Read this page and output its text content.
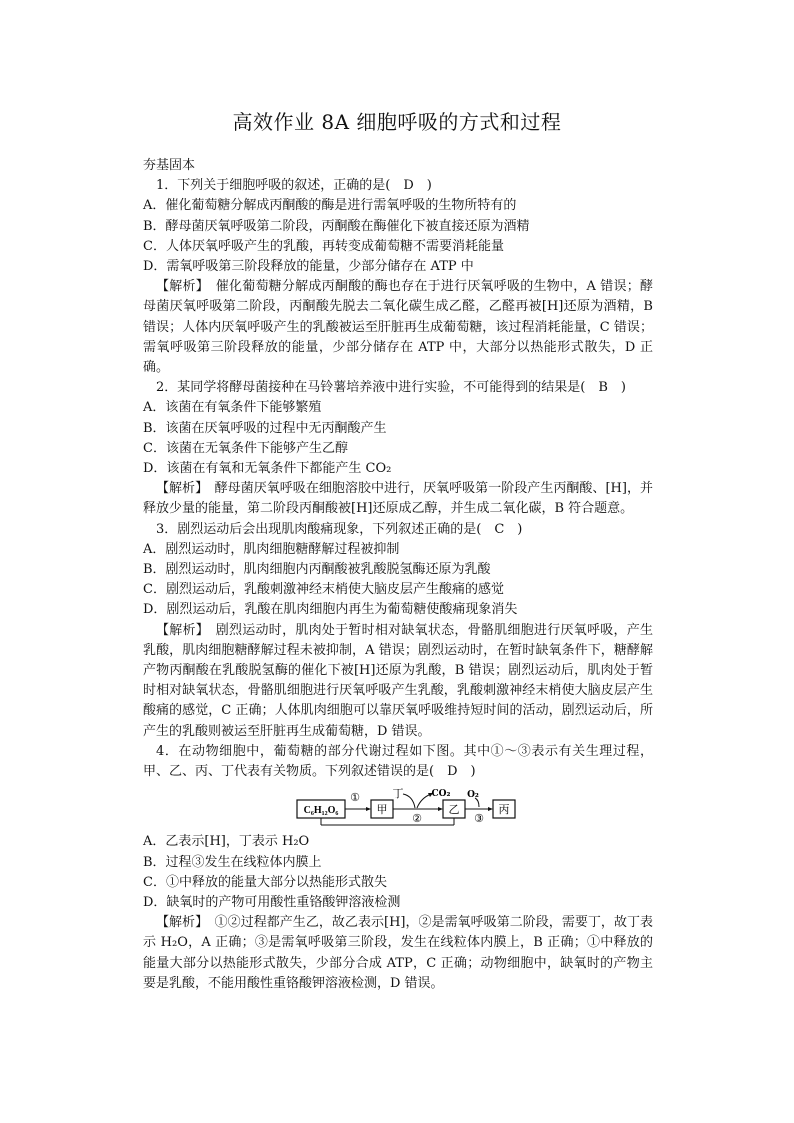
高效作业 8A 细胞呼吸的方式和过程

夯基固本

1．下列关于细胞呼吸的叙述，正确的是(　D　)

A．催化葡萄糖分解成丙酮酸的酶是进行需氧呼吸的生物所特有的

B．酵母菌厌氧呼吸第二阶段，丙酮酸在酶催化下被直接还原为酒精

C．人体厌氧呼吸产生的乳酸，再转变成葡萄糖不需要消耗能量

D．需氧呼吸第三阶段释放的能量，少部分储存在 ATP 中

【解析】　催化葡萄糖分解成丙酮酸的酶也存在于进行厌氧呼吸的生物中，A 错误；酵母菌厌氧呼吸第二阶段，丙酮酸先脱去二氧化碳生成乙醛，乙醛再被[H]还原为酒精，B 错误；人体内厌氧呼吸产生的乳酸被运至肝脏再生成葡萄糖，该过程消耗能量，C 错误；需氧呼吸第三阶段释放的能量，少部分储存在 ATP 中，大部分以热能形式散失，D 正确。

2．某同学将酵母菌接种在马铃薯培养液中进行实验，不可能得到的结果是(　B　)

A．该菌在有氧条件下能够繁殖

B．该菌在厌氧呼吸的过程中无丙酮酸产生

C．该菌在无氧条件下能够产生乙醇

D．该菌在有氧和无氧条件下都能产生 CO₂

【解析】　酵母菌厌氧呼吸在细胞溶胶中进行，厌氧呼吸第一阶段产生丙酮酸、[H]，并释放少量的能量，第二阶段丙酮酸被[H]还原成乙醇，并生成二氧化碳，B 符合题意。

3．剧烈运动后会出现肌肉酸痛现象，下列叙述正确的是(　C　)

A．剧烈运动时，肌肉细胞糖酵解过程被抑制

B．剧烈运动时，肌肉细胞内丙酮酸被乳酸脱氢酶还原为乳酸

C．剧烈运动后，乳酸刺激神经末梢使大脑皮层产生酸痛的感觉

D．剧烈运动后，乳酸在肌肉细胞内再生为葡萄糖使酸痛现象消失

【解析】　剧烈运动时，肌肉处于暂时相对缺氧状态，骨骼肌细胞进行厌氧呼吸，产生乳酸，肌肉细胞糖酵解过程未被抑制，A 错误；剧烈运动时，在暂时缺氧条件下，糖酵解产物丙酮酸在乳酸脱氢酶的催化下被[H]还原为乳酸，B 错误；剧烈运动后，肌肉处于暂时相对缺氧状态，骨骼肌细胞进行厌氧呼吸产生乳酸，乳酸刺激神经末梢使大脑皮层产生酸痛的感觉，C 正确；人体肌肉细胞可以靠厌氧呼吸维持短时间的活动，剧烈运动后，所产生的乳酸则被运至肝脏再生成葡萄糖，D 错误。

4．在动物细胞中，葡萄糖的部分代谢过程如下图。其中①～③表示有关生理过程，甲、乙、丙、丁代表有关物质。下列叙述错误的是(　D　)

C₆H₁₂O₆	甲	乙	丙
①
②
丁	CO₂
③
O₂

A．乙表示[H]，丁表示 H₂O

B．过程③发生在线粒体内膜上

C．①中释放的能量大部分以热能形式散失

D．缺氧时的产物可用酸性重铬酸钾溶液检测

【解析】　①②过程都产生乙，故乙表示[H]，②是需氧呼吸第二阶段，需要丁，故丁表示 H₂O，A 正确；③是需氧呼吸第三阶段，发生在线粒体内膜上，B 正确；①中释放的能量大部分以热能形式散失，少部分合成 ATP，C 正确；动物细胞中，缺氧时的产物主要是乳酸，不能用酸性重铬酸钾溶液检测，D 错误。
